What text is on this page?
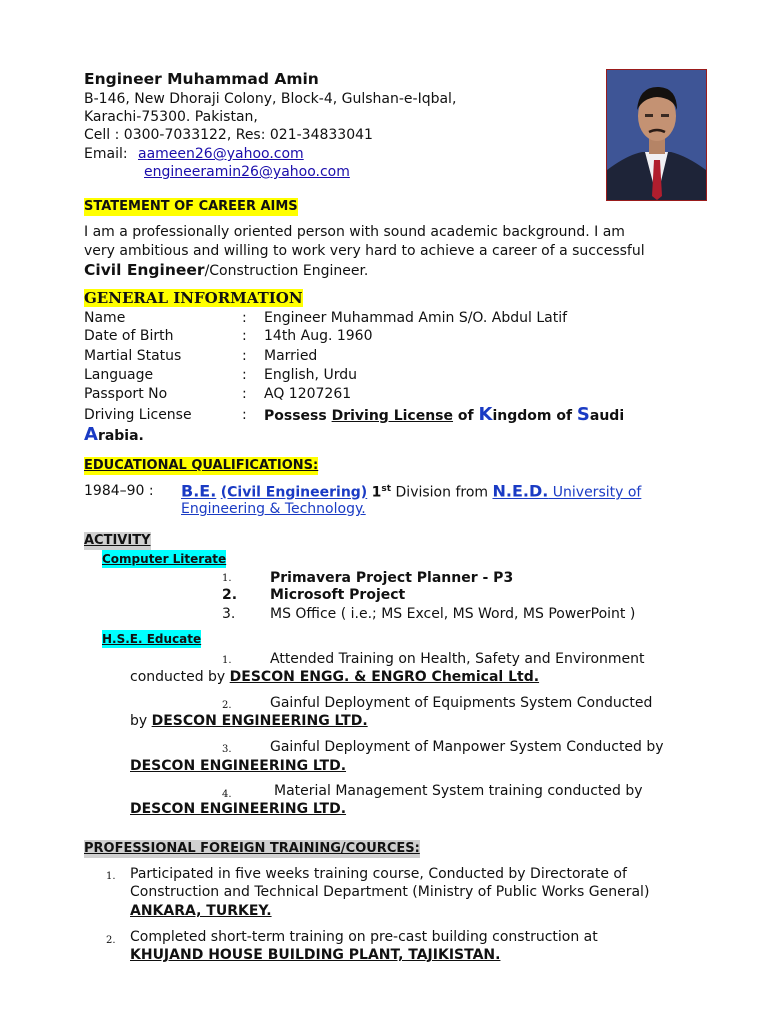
Engineer Muhammad Amin
B-146, New Dhoraji Colony, Block-4, Gulshan-e-Iqbal,
Karachi-75300. Pakistan,
Cell : 0300-7033122, Res: 021-34833041
Email: aameen26@yahoo.com
engineeramin26@yahoo.com
STATEMENT OF CAREER AIMS
I am a professionally oriented person with sound academic background. I am
very ambitious and willing to work very hard to achieve a career of a successful
Civil Engineer/Construction Engineer.
GENERAL INFORMATION
Name	: Engineer Muhammad Amin S/O. Abdul Latif
Date of Birth	: 14th Aug. 1960
Martial Status	: Married
Language	: English, Urdu
Passport No	: AQ 1207261
Driving License	: Possess Driving License of Kingdom of Saudi
Arabia.
EDUCATIONAL QUALIFICATIONS:
1984–90 : B.E. (Civil Engineering) 1st Division from N.E.D. University of
Engineering & Technology.
ACTIVITY
Computer Literate
1.	Primavera Project Planner - P3
2. Microsoft Project
3. MS Office ( i.e.; MS Excel, MS Word, MS PowerPoint )
H.S.E. Educate
1.	Attended Training on Health, Safety and Environment
conducted by DESCON ENGG. & ENGRO Chemical Ltd.
2.	Gainful Deployment of Equipments System Conducted
by DESCON ENGINEERING LTD.
3.	Gainful Deployment of Manpower System Conducted by
DESCON ENGINEERING LTD.
4.	Material Management System training conducted by
DESCON ENGINEERING LTD.
PROFESSIONAL FOREIGN TRAINING/COURCES:
1. Participated in five weeks training course, Conducted by Directorate of
Construction and Technical Department (Ministry of Public Works General)
ANKARA, TURKEY.
2. Completed short-term training on pre-cast building construction at
KHUJAND HOUSE BUILDING PLANT, TAJIKISTAN.
